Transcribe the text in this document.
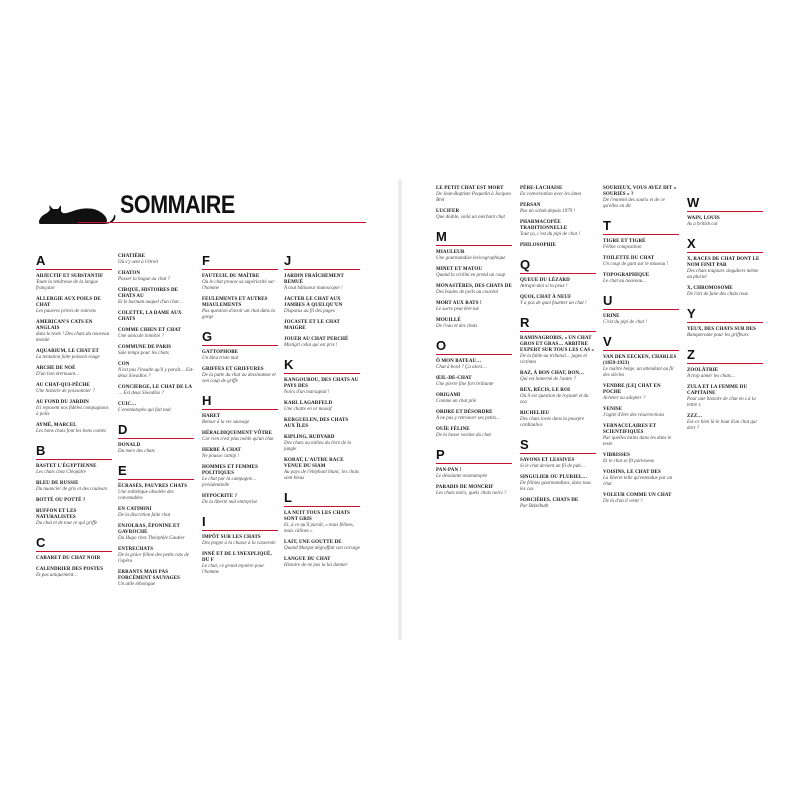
SOMMAIRE
A
ADJECTIF ET SUBSTANTIF
Toute la tendresse de la langue française
ALLERGIE AUX POILS DE CHAT
Les pauvres privés de ronrons
AMERICAN'S CATS EN ANGLAIS
dans le texte ! Des chats du nouveau monde
AQUARIUM, LE CHAT ET
La tentation faite poisson rouge
ARCHE DE NOÉ
D'un lion éternuant…
AU CHAT-QUI-PÊCHE
Une histoire de poissonnier ?
AU FOND DU JARDIN
Ici reposent nos fidèles compagnons à poils
AYMÉ, MARCEL
Les bons chats font les bons contes
B
BASTET L'ÉGYPTIENNE
Les chats chez Cléopâtre
BLEU DE RUSSIE
Du nuancier de gris et des couleurs
BOTTÉ OU POTTÉ ?
BUFFON ET LES NATURALISTES
Du chat et de tout ce qui griffe
C
CABARET DU CHAT NOIR
CALENDRIER DES POSTES
Et pas uniquement…
CHATIÈRE
Où s'y sent à l'étroit
CHATON
Posser la bague au chat ?
CIRQUE, HISTOIRES DE CHATS AU
Et le barnum auquel d'un chat…
COLETTE, LA DAME AUX CHATS
COMME CHIEN ET CHAT
Une amicale inimitié ?
COMMUNE DE PARIS
Sale temps pour les chats
CON
N'est pas l'insulte qu'il y paraît… Est-deux Siwadlos ?
CONCIERGE, LE CHAT DE LA
… Est deux Siwadlos ?
CUIC…
L'onomatopée qui fait mal
D
DONALD
Du mers des chats
E
ÉCRASÉS, PAUVRES CHATS
Une esthétique obsolète des convenables
EN CATIMINI
De la discrétion faite chat
ENJOLRAS, ÉPONINE ET GAVROCHE
Du Hugo chez Théophile Gautier
ENTRECHATS
De la grâce féline des petits rats de l'opéra
ERRANTS MAIS PAS FORCÉMENT SAUVAGES
Un utile éthologue
F
FAUTEUIL DU MAÎTRE
Où le chat prouve sa supériorité sur l'homme
FEULEMENTS ET AUTRES MIAULEMENTS
Pas question d'avoir un chat dans la gorge
G
GATTOPHOBE
Un bleu triste mal
GRIFFES ET GRIFFURES
De la patte du chat au dessinateur et son coup de griffe
H
HARET
Retour à la vie sauvage
HÉRALDIQUEMENT VÔTRE
Car rien n'est plus noble qu'un chat
HERBE À CHAT
Ne pousse catnip !
HOMMES ET FEMMES POLITIQUES
Le chat par la campagne… présidentielle
HYPOCRITE ?
De la liberté mal entreprise
I
IMPÔT SUR LES CHATS
Des poppe à la chasse à la casserole
INNÉ ET DE L'INEXPLIQUÉ, DU F
Le chat, ce grand mystère pour l'homme
J
JARDIN FRAÎCHEMENT REMUÉ
À tout bâtisseur mutoscopie !
JACTER LE CHAT AUX JAMBES À QUELQU'UN
Disparus au fil des pages
JOCASTE ET LE CHAT MAIGRE
JOUER AU CHAT PERCHÉ
Mistigri celui qui est pris !
K
KANGOUROU, DES CHATS AU PAYS DES
Noirs d'un marsupial !
KARL LAGARFELD
Une chatte en or massif
KERGUELEN, DES CHATS AUX ÎLES
KIPLING, RUDYARD
Des chats au milieu du livre de la jungle
KORAT, L'AUTRE RACE VENUE DU SIAM
Au pays de l'éléphant blanc, les chats sont bleus
L
LA NUIT TOUS LES CHATS SONT GRIS
Et, à ce qu'il paraît, « mais félines, mais câlines »
LAIT, UNE GOUTTE DE
Quand Margot dégraffait son corsage
LANGUE DU CHAT
Histoire de ne pas la lui donner
LE PETIT CHAT EST MORT
De Jean-Baptiste Poquelin à Jacques Brel
LUCIFER
Que diable, voilà un méchant chat
M
MIAULEUR
Une gourmandise lexicographique
MINET ET MATOU
Quand la virilité en prend un coup
MONASTÈRES, DES CHATS DE
Des boules de poils au couvent
MORT AUX RATS !
Le sucre peut être tué
MOUILLÉ
De l'eau et des chats
O
Ô MON BATEAU…
Chat à bord ? Ça alors…
ŒIL-DE-CHAT
Une pierre fine fort brillante
ORIGAMI
Comme un chat plié
ORDRE ET DÉSORDRE
À ne pas y retrouver ses petits…
OUÏE FÉLINE
De la bosse voisine du chat
P
PAN-PAN !
Le désolante onomatopée
PARADIS DE MONCRIF
Les chats noirs, quels chats noirs ?
PÈRE-LACHAISE
En conversation avec les âmes
PERSAN
Pas un schah depuis 1979 !
PHARMACOPÉE TRADITIONNELLE
Tout ça, c'est du pipi de chat !
PHILOSOPHIE
Q
QUEUE DU LÉZARD
Attrape-moi si tu peux !
QUOI, CHAT À NEUF
Y a pas de quoi fouetter un chat !
R
RAMINAGROBIS, « UN CHAT GROS ET GRAS… ARBITRE EXPERT SUR TOUS LES CAS »
De la fable au tribunal… juges et victimes
RAZ, À BON CHAT, BON…
Qui est lanterné de l'autre ?
REX, RÉCIS, LE ROI
Où il est question de royauté et du zoo
RICHELIEU
Des chats lovés dans la pourpre cardinalice
S
SAVONS ET LESSIVES
Si le chat devient un fil de pub…
SINGULIER OU PLURIEL…
De félines gourmandises, dans tous les cas
SORCIÈRES, CHATS DE
Par Belzébuth
SOURIEUX, VOUS AVEZ DIT « SOURIÉS » ?
De l'ennemi des souris et de ce qu'elles en dit
T
TIGRE ET TIGRÉ
Féline composition
TOILETTE DU CHAT
Un coup de gant sur le museau !
TOPOGRAPHIQUE
Le chat au nouveau…
U
URINE
C'est du pipi de chat !
V
VAN DEN EECKEN, CHARLES (1859-1923)
Le maître belge, un attendant au fil des siècles
VENDRE [LE] CHAT EN POCHE
Acheter ou adopter ?
VENISE
J'agité d'être des résurrections
VERNACULAIRES ET SCIENTIFIQUES
Par quelles latins dans les dans le texte
VIBRISSES
Et le chat se fit paresseux
VOISINS, LE CHAT DES
La liberté telle qu'entendue par un chat
VOLEUR COMME UN CHAT
De là d'où il vient ?
W
WAIN, LOUIS
As a british cat
X
X, RACES DE CHAT DONT LE NOM FINIT PAR
Des chats toujours singuliers même au pluriel
X, CHROMOSOME
De l'art de fane des chats roux
Y
YEUX, DES CHATS SUR DES
Banqueroute pour les griffeurs
Z
ZOOLÂTRIE
À trop aimer les chats…
ZULA ET LA FEMME DU CAPITAINE
Pour une histoire de chat en z à la lettre z
ZZZ…
Est-ce bien là le bout d'un chat qui dort ?
